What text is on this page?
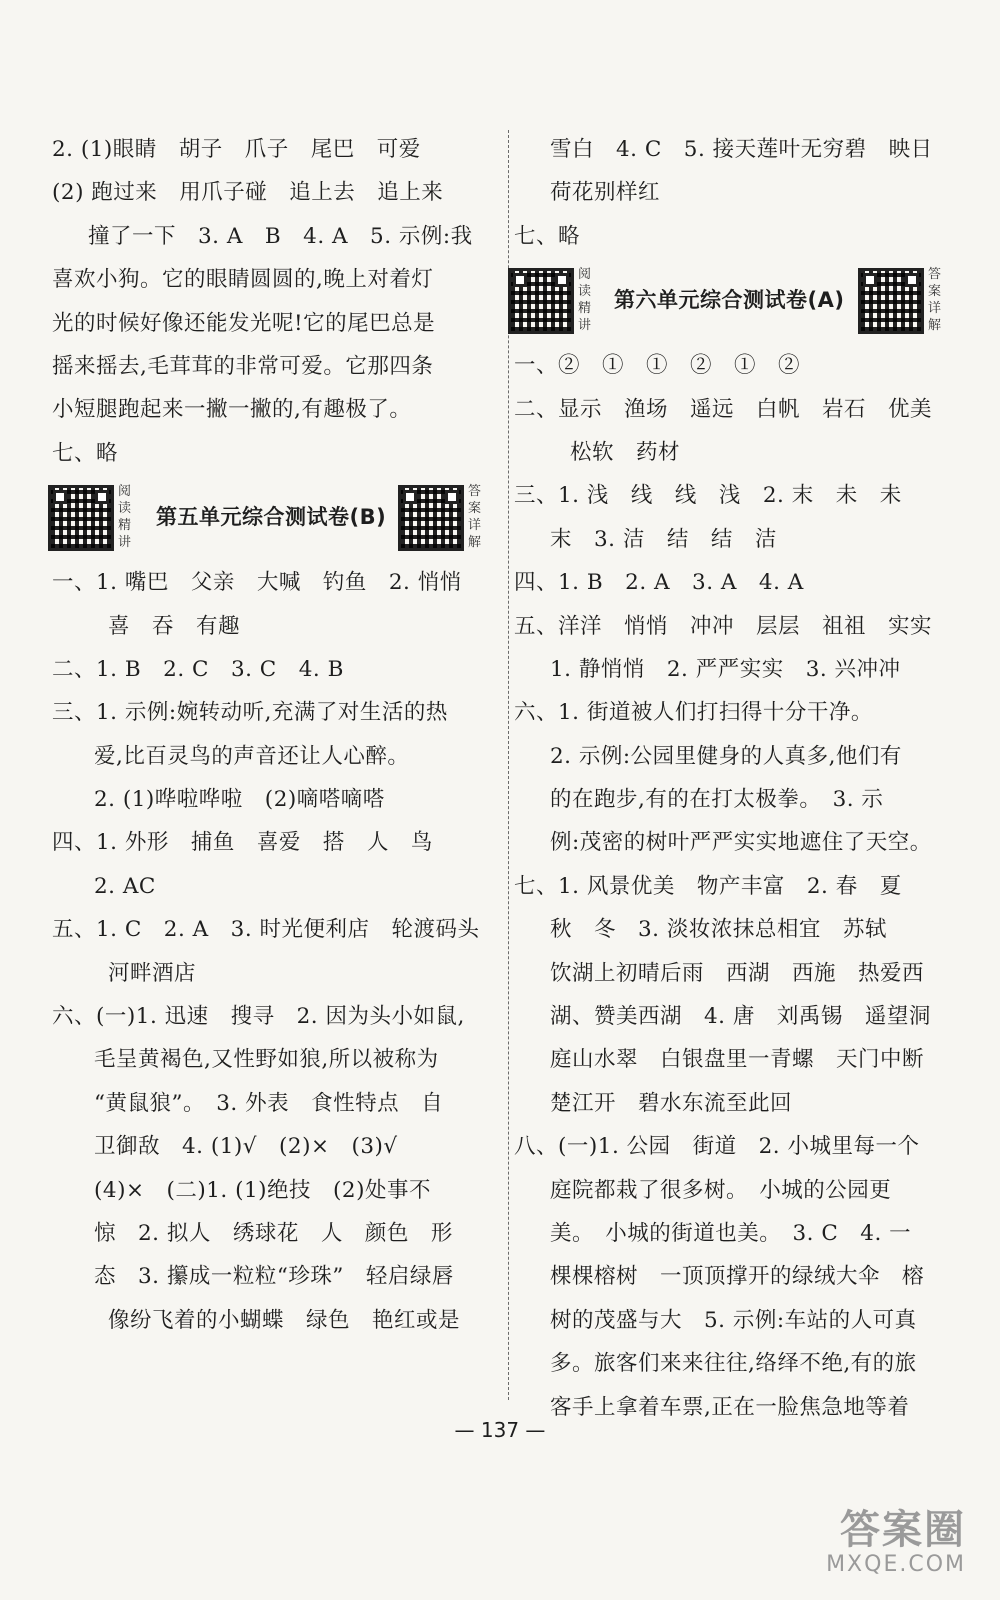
2. (1)眼睛　胡子　爪子　尾巴　可爱
(2) 跑过来　用爪子碰　追上去　追上来
撞了一下　3. A　B　4. A　5. 示例:我
喜欢小狗。它的眼睛圆圆的,晚上对着灯
光的时候好像还能发光呢!它的尾巴总是
摇来摇去,毛茸茸的非常可爱。它那四条
小短腿跑起来一撇一撇的,有趣极了。
七、略
阅读精讲
第五单元综合测试卷(B)
答案详解
一、1. 嘴巴　父亲　大喊　钓鱼　2. 悄悄
喜　吞　有趣
二、1. B　2. C　3. C　4. B
三、1. 示例:婉转动听,充满了对生活的热
爱,比百灵鸟的声音还让人心醉。
2. (1)哗啦哗啦　(2)嘀嗒嘀嗒
四、1. 外形　捕鱼　喜爱　搭　人　鸟
2. AC
五、1. C　2. A　3. 时光便利店　轮渡码头
河畔酒店
六、(一)1. 迅速　搜寻　2. 因为头小如鼠,
毛呈黄褐色,又性野如狼,所以被称为
“黄鼠狼”。　3. 外表　食性特点　自
卫御敌　4. (1)√　(2)×　(3)√
(4)×　(二)1. (1)绝技　(2)处事不
惊　2. 拟人　绣球花　人　颜色　形
态　3. 攥成一粒粒“珍珠”　轻启绿唇
像纷飞着的小蝴蝶　绿色　艳红或是
雪白　4. C　5. 接天莲叶无穷碧　映日
荷花别样红
七、略
阅读精讲
第六单元综合测试卷(A)
答案详解
一、②　①　①　②　①　②
二、显示　渔场　遥远　白帆　岩石　优美
松软　药材
三、1. 浅　线　线　浅　2. 末　未　未
末　3. 洁　结　结　洁
四、1. B　2. A　3. A　4. A
五、洋洋　悄悄　冲冲　层层　祖祖　实实
1. 静悄悄　2. 严严实实　3. 兴冲冲
六、1. 街道被人们打扫得十分干净。
2. 示例:公园里健身的人真多,他们有
的在跑步,有的在打太极拳。　3. 示
例:茂密的树叶严严实实地遮住了天空。
七、1. 风景优美　物产丰富　2. 春　夏
秋　冬　3. 淡妆浓抹总相宜　苏轼
饮湖上初晴后雨　西湖　西施　热爱西
湖、赞美西湖　4. 唐　刘禹锡　遥望洞
庭山水翠　白银盘里一青螺　天门中断
楚江开　碧水东流至此回
八、(一)1. 公园　街道　2. 小城里每一个
庭院都栽了很多树。　小城的公园更
美。　小城的街道也美。　3. C　4. 一
棵棵榕树　一顶顶撑开的绿绒大伞　榕
树的茂盛与大　5. 示例:车站的人可真
多。旅客们来来往往,络绎不绝,有的旅
客手上拿着车票,正在一脸焦急地等着
— 137 —
答案圈
MXQE.COM
